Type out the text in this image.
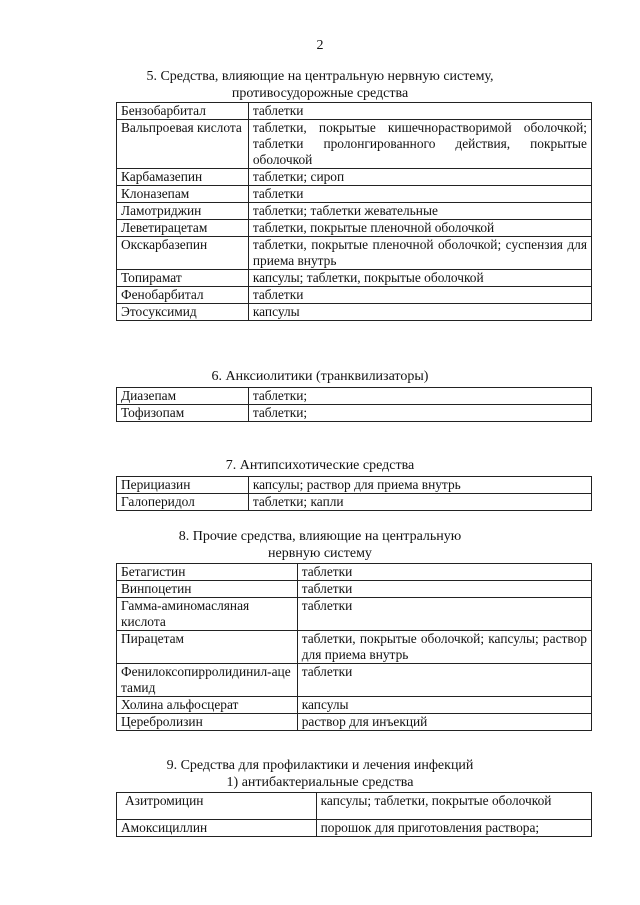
2
5. Средства, влияющие на центральную нервную систему,
противосудорожные средства
Бензобарбитал	таблетки
Вальпроевая кислота	таблетки, покрытые кишечнорастворимой оболочкой; таблетки пролонгированного действия, покрытые оболочкой
Карбамазепин	таблетки; сироп
Клоназепам	таблетки
Ламотриджин	таблетки; таблетки жевательные
Леветирацетам	таблетки, покрытые пленочной оболочкой
Окскарбазепин	таблетки, покрытые пленочной оболочкой; суспензия для приема внутрь
Топирамат	капсулы; таблетки, покрытые оболочкой
Фенобарбитал	таблетки
Этосуксимид	капсулы
6. Анксиолитики (транквилизаторы)
Диазепам	таблетки;
Тофизопам	таблетки;
7. Антипсихотические средства
Перициазин	капсулы; раствор для приема внутрь
Галоперидол	таблетки; капли
8. Прочие средства, влияющие на центральную
нервную систему
Бетагистин	таблетки
Винпоцетин	таблетки
Гамма-аминомасляная кислота	таблетки
Пирацетам	таблетки, покрытые оболочкой; капсулы; раствор для приема внутрь
Фенилоксопирролидинил-ацетамид	таблетки
Холина альфосцерат	капсулы
Церебролизин	раствор для инъекций
9. Средства для профилактики и лечения инфекций
1) антибактериальные средства
Азитромицин	капсулы; таблетки, покрытые оболочкой
Амоксициллин	порошок для приготовления раствора;
